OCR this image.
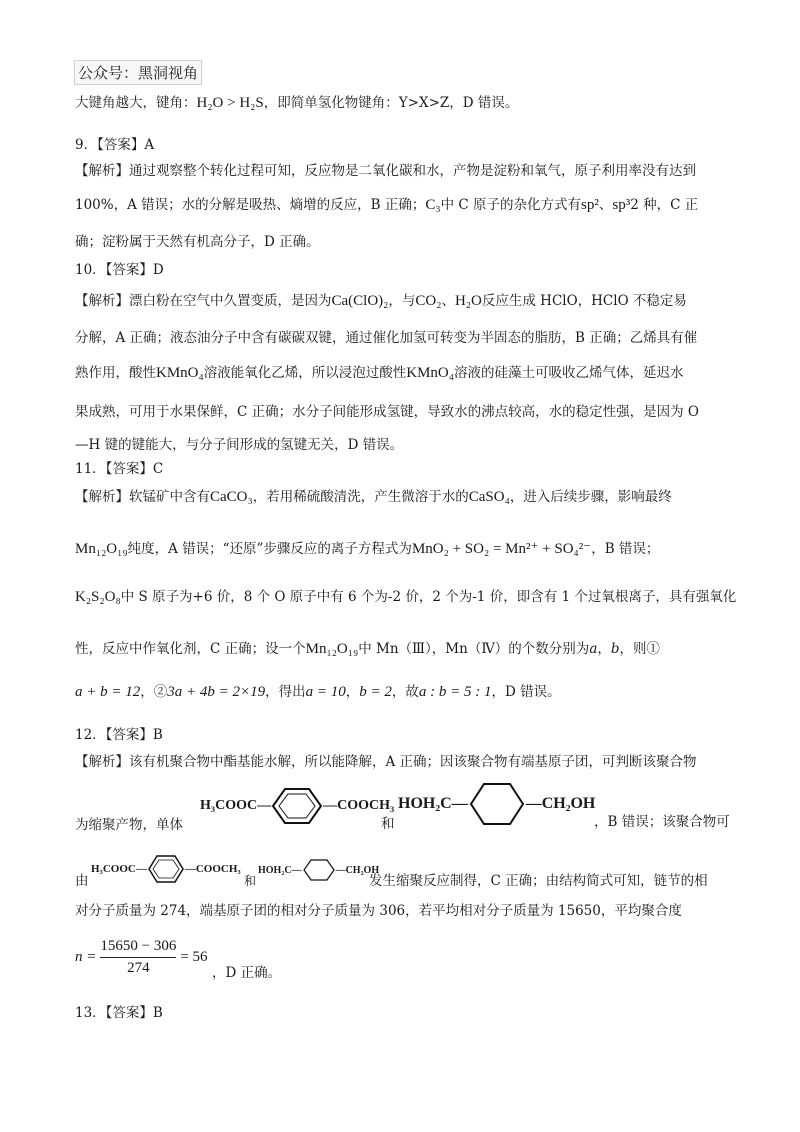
公众号：黑洞视角
大键角越大，键角：H₂O > H₂S，即简单氢化物键角：Y>X>Z，D 错误。
9．【答案】A
【解析】通过观察整个转化过程可知，反应物是二氧化碳和水，产物是淀粉和氧气，原子利用率没有达到
100%，A 错误；水的分解是吸热、熵增的反应，B 正确；C₃中 C 原子的杂化方式有sp²、sp³2 种，C 正
确；淀粉属于天然有机高分子，D 正确。
10．【答案】D
【解析】漂白粉在空气中久置变质，是因为Ca(ClO)₂，与CO₂、H₂O反应生成 HClO，HClO 不稳定易
分解，A 正确；液态油分子中含有碳碳双键，通过催化加氢可转变为半固态的脂肪，B 正确；乙烯具有催
熟作用，酸性KMnO₄溶液能氧化乙烯，所以浸泡过酸性KMnO₄溶液的硅藻土可吸收乙烯气体，延迟水
果成熟，可用于水果保鲜，C 正确；水分子间能形成氢键，导致水的沸点较高，水的稳定性强，是因为 O
—H 键的键能大，与分子间形成的氢键无关，D 错误。
11．【答案】C
【解析】软锰矿中含有CaCO₃，若用稀硫酸清洗，产生微溶于水的CaSO₄，进入后续步骤，影响最终
Mn₁₂O₁₉纯度，A 错误；“还原”步骤反应的离子方程式为MnO₂ + SO₂ = Mn²⁺ + SO₄²⁻，B 错误；
K₂S₂O₈中 S 原子为+6 价，8 个 O 原子中有 6 个为-2 价，2 个为-1 价，即含有 1 个过氧根离子，具有强氧化
性，反应中作氧化剂，C 正确；设一个Mn₁₂O₁₉中 Mn（Ⅲ），Mn（Ⅳ）的个数分别为a，b，则①
a + b = 12，②3a + 4b = 2×19，得出a = 10，b = 2，故a : b = 5 : 1，D 错误。
12．【答案】B
【解析】该有机聚合物中酯基能水解，所以能降解，A 正确；因该聚合物有端基原子团，可判断该聚合物
为缩聚产物，单体
H₃COOC—	—COOCH₃
和
HOH₂C—	—CH₂OH
，B 错误；该聚合物可
由
H₃COOC—	—COOCH₃
和
HOH₂C—	—CH₂OH
发生缩聚反应制得，C 正确；由结构简式可知，链节的相
对分子质量为 274，端基原子团的相对分子质量为 306，若平均相对分子质量为 15650，平均聚合度
$n = \frac{15650 - 306}{274} = 56$
，D 正确。
13．【答案】B
